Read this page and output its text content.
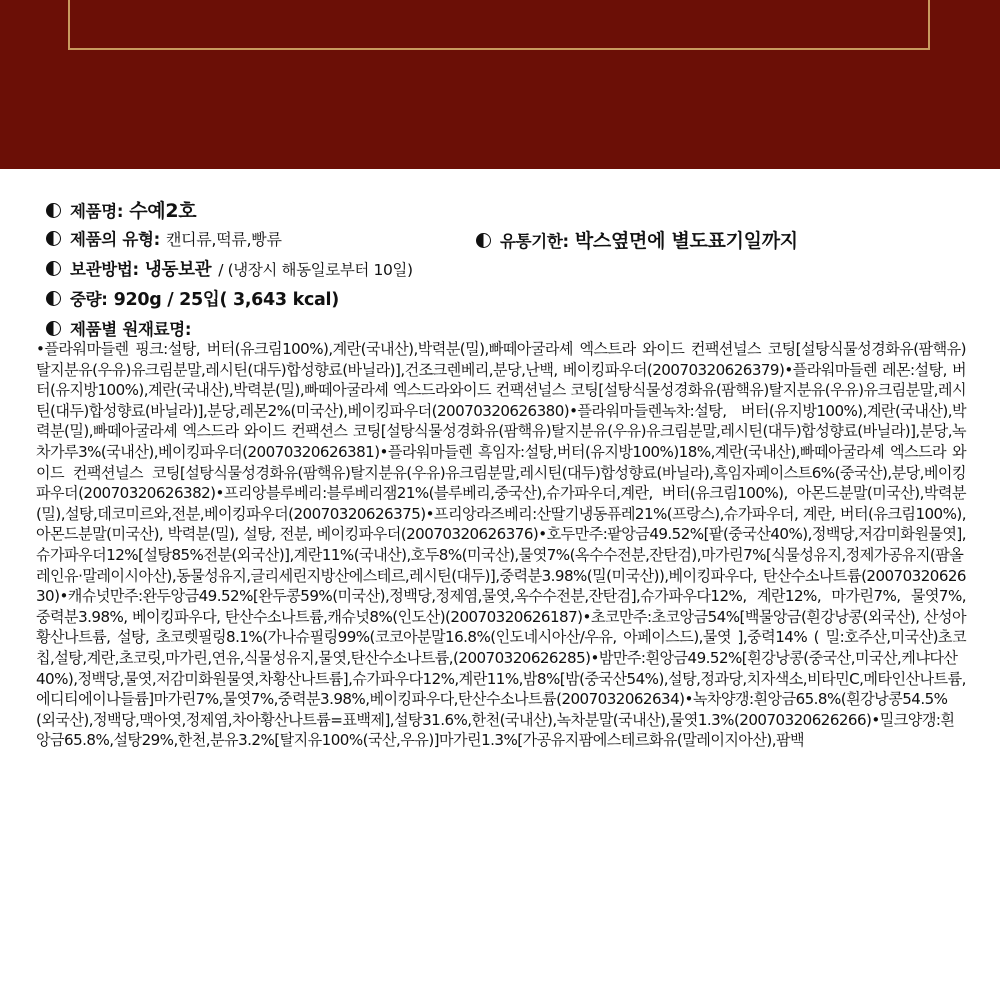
제품명: 수예2호
제품의 유형: 캔디류,떡류,빵류	유통기한: 박스옆면에 별도표기일까지
보관방법: 냉동보관 / (냉장시 해동일로부터 10일)
중량: 920g / 25입( 3,643 kcal)
제품별 원재료명:
•플라워마들렌 핑크:설탕, 버터(유크림100%),계란(국내산),박력분(밀),빠떼아굴라셰 엑스트라 와이드 컨팩션널스 코팅[설탕식물성경화유(팜핵유)탈지분유(우유)유크림분말,레시틴(대두)합성향료(바닐라)],건조크렌베리,분당,난백, 베이킹파우더(20070320626379)•플라워마들렌 레몬:설탕, 버터(유지방100%),계란(국내산),박력분(밀),빠떼아굴라셰 엑스드라와이드 컨팩션널스 코팅[설탕식물성경화유(팜핵유)탈지분유(우유)유크림분말,레시틴(대두)합성향료(바닐라)],분당,레몬2%(미국산),베이킹파우더(20070320626380)•플라워마들렌녹차:설탕, 버터(유지방100%),계란(국내산),박력분(밀),빠떼아굴라셰 엑스드라 와이드 컨팩션스 코팅[설탕식물성경화유(팜핵유)탈지분유(우유)유크림분말,레시틴(대두)합성향료(바닐라)],분당,녹차가루3%(국내산),베이킹파우더(20070320626381)•플라워마들렌 흑임자:설탕,버터(유지방100%)18%,계란(국내산),빠떼아굴라셰 엑스드라 와이드 컨팩션널스 코팅[설탕식물성경화유(팜핵유)탈지분유(우유)유크림분말,레시틴(대두)합성향료(바닐라),흑임자페이스트6%(중국산),분당,베이킹파우더(20070320626382)•프리앙블루베리:블루베리잼21%(블루베리,중국산),슈가파우더,계란, 버터(유크림100%), 아몬드분말(미국산),박력분(밀),설탕,데코미르와,전분,베이킹파우더(20070320626375)•프리앙라즈베리:산딸기냉동퓨레21%(프랑스),슈가파우더, 계란, 버터(유크림100%), 아몬드분말(미국산), 박력분(밀), 설탕, 전분, 베이킹파우더(20070320626376)•호두만주:팥앙금49.52%[팥(중국산40%),정백당,저감미화원물엿],슈가파우더12%[설탕85%전분(외국산)],계란11%(국내산),호두8%(미국산),물엿7%(옥수수전분,잔탄검),마가린7%[식물성유지,정제가공유지(팜올레인유·말레이시아산),동물성유지,글리세린지방산에스테르,레시틴(대두)],중력분3.98%(밀(미국산)),베이킹파우다, 탄산수소나트륨(2007032062630)•캐슈넛만주:완두앙금49.52%[완두콩59%(미국산),정백당,정제염,물엿,옥수수전분,잔탄검],슈가파우다12%, 계란12%, 마가린7%, 물엿7%, 중력분3.98%, 베이킹파우다, 탄산수소나트륨,캐슈넛8%(인도산)(20070320626187)•초코만주:초코앙금54%[백물앙금(흰강낭콩(외국산), 산성아황산나트륨, 설탕, 초코렛필링8.1%(가나슈필링99%(코코아분말16.8%(인도네시아산/우유, 아페이스드),물엿 ],중력14% ( 밀:호주산,미국산)초코칩,설탕,계란,초코릿,마가린,연유,식물성유지,물엿,탄산수소나트륨,(20070320626285)•밤만주:흰앙금49.52%[흰강낭콩(중국산,미국산,케냐다산40%),정백당,물엿,저감미화원물엿,차황산나트륨],슈가파우다12%,계란11%,밤8%[밤(중국산54%),설탕,정과당,치자색소,비타민C,메타인산나트륨,에디티에이나들륨]마가린7%,물엿7%,중력분3.98%,베이킹파우다,탄산수소나트륨(2007032062634)•녹차양갱:흰앙금65.8%(흰강낭콩54.5%(외국산),정백당,맥아엿,정제염,차아황산나트륨=표백제],설탕31.6%,한천(국내산),녹차분말(국내산),물엿1.3%(20070320626266)•밀크양갱:흰앙금65.8%,설탕29%,한천,분유3.2%[탈지유100%(국산,우유)]마가린1.3%[가공유지팜에스테르화유(말레이지아산),팜백
